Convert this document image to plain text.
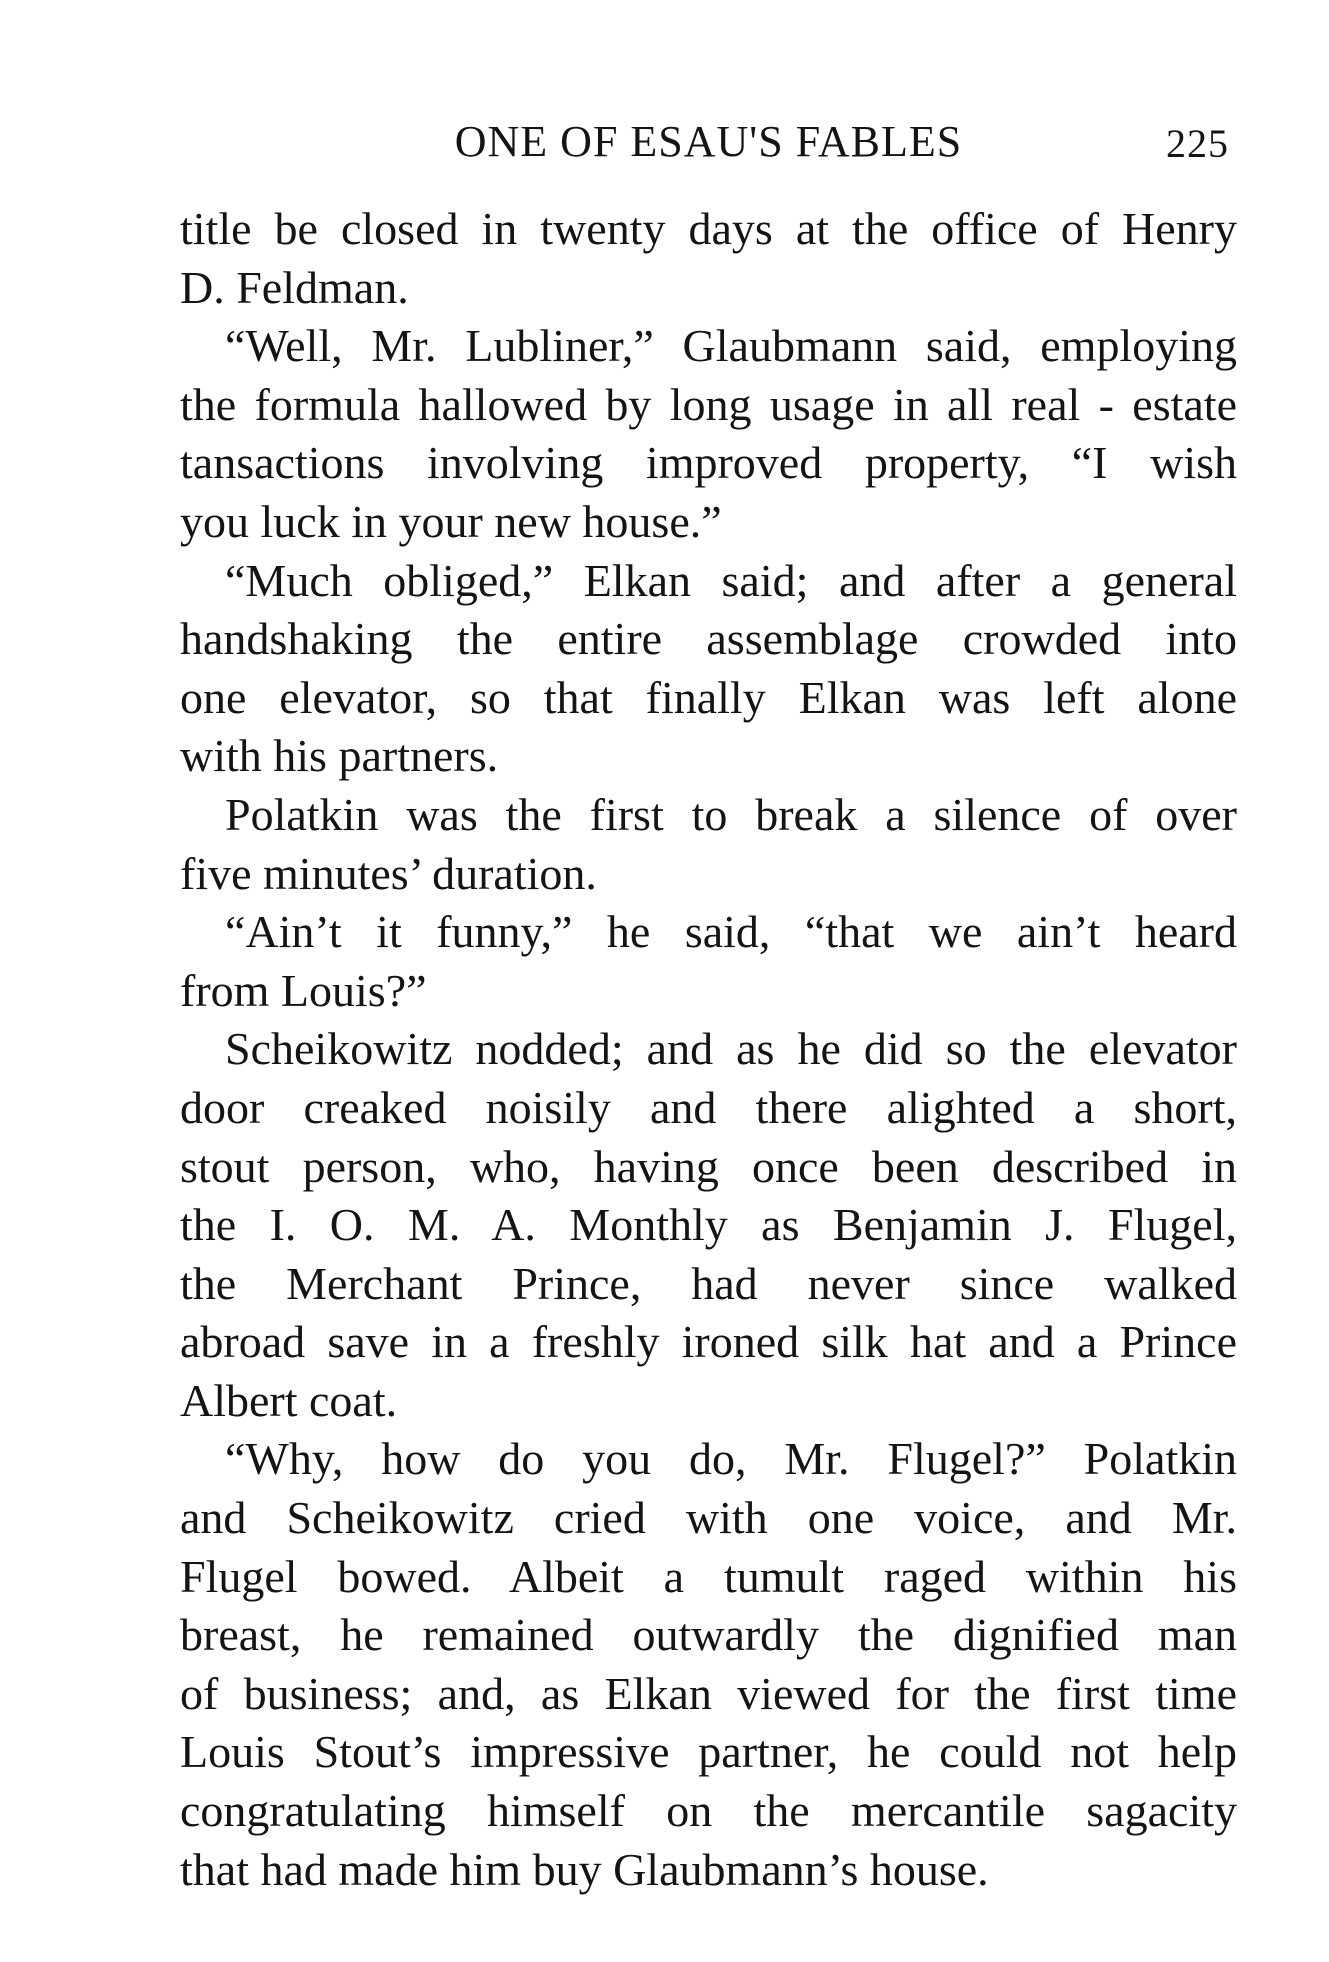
ONE OF ESAU'S FABLES	225
title be closed in twenty days at the office of Henry
D. Feldman.
“Well, Mr. Lubliner,” Glaubmann said, employing
the formula hallowed by long usage in all real - estate
tansactions involving improved property, “I wish
you luck in your new house.”
“Much obliged,” Elkan said; and after a general
handshaking the entire assemblage crowded into
one elevator, so that finally Elkan was left alone
with his partners.
Polatkin was the first to break a silence of over
five minutes’ duration.
“Ain’t it funny,” he said, “that we ain’t heard
from Louis?”
Scheikowitz nodded; and as he did so the elevator
door creaked noisily and there alighted a short,
stout person, who, having once been described in
the I. O. M. A. Monthly as Benjamin J. Flugel,
the Merchant Prince, had never since walked
abroad save in a freshly ironed silk hat and a Prince
Albert coat.
“Why, how do you do, Mr. Flugel?” Polatkin
and Scheikowitz cried with one voice, and Mr.
Flugel bowed. Albeit a tumult raged within his
breast, he remained outwardly the dignified man
of business; and, as Elkan viewed for the first time
Louis Stout’s impressive partner, he could not help
congratulating himself on the mercantile sagacity
that had made him buy Glaubmann’s house.
